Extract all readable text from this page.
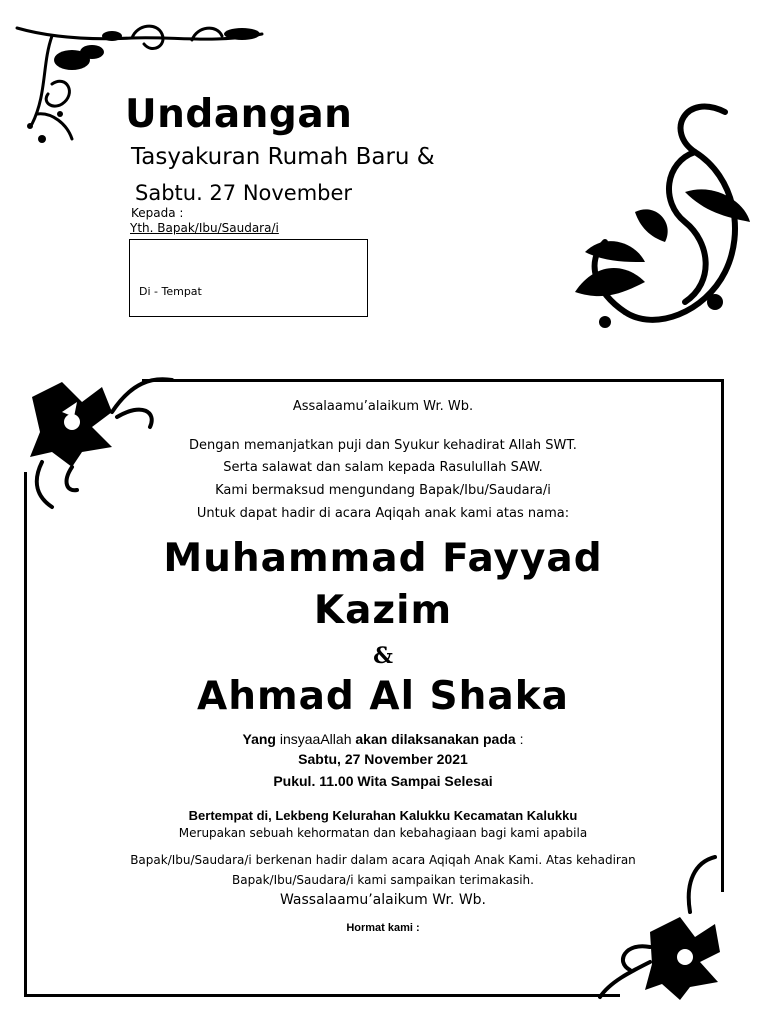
Undangan
Tasyakuran Rumah Baru &
Sabtu. 27 November
Kepada :
Yth. Bapak/Ibu/Saudara/i
Di - Tempat
Assalaamu’alaikum Wr. Wb.
Dengan memanjatkan puji dan Syukur kehadirat Allah SWT.
Serta salawat dan salam kepada Rasulullah SAW.
Kami bermaksud mengundang Bapak/Ibu/Saudara/i
Untuk dapat hadir di acara Aqiqah anak kami atas nama:
Muhammad Fayyad
Kazim
&
Ahmad Al Shaka
Yang insyaaAllah akan dilaksanakan pada :
Sabtu, 27 November 2021
Pukul. 11.00 Wita Sampai Selesai
Bertempat di, Lekbeng Kelurahan Kalukku Kecamatan Kalukku
Merupakan sebuah kehormatan dan kebahagiaan bagi kami apabila
Bapak/Ibu/Saudara/i berkenan hadir dalam acara Aqiqah Anak Kami. Atas kehadiran
Bapak/Ibu/Saudara/i kami sampaikan terimakasih.
Wassalaamu’alaikum Wr. Wb.
Hormat kami :
